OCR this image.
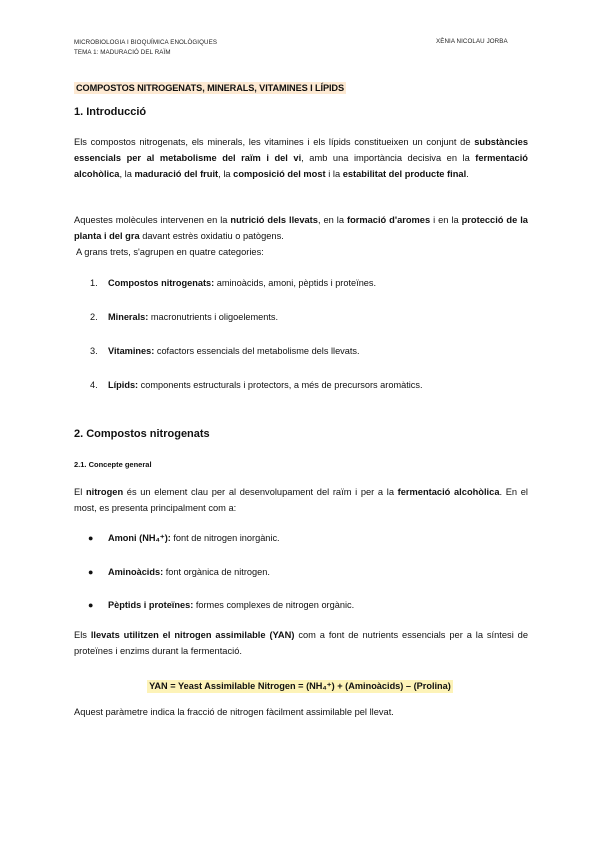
MICROBIOLOGIA I BIOQUÍMICA ENOLÒGIQUES
TEMA 1: MADURACIÓ DEL RAÏM
XÈNIA NICOLAU JORBA
COMPOSTOS NITROGENATS, MINERALS, VITAMINES I LÍPIDS
1. Introducció
Els compostos nitrogenats, els minerals, les vitamines i els lípids constitueixen un conjunt de substàncies essencials per al metabolisme del raïm i del vi, amb una importància decisiva en la fermentació alcohòlica, la maduració del fruit, la composició del most i la estabilitat del producte final.
Aquestes molècules intervenen en la nutrició dels llevats, en la formació d'aromes i en la protecció de la planta i del gra davant estrès oxidatiu o patògens.
A grans trets, s'agrupen en quatre categories:
1. Compostos nitrogenats: aminoàcids, amoni, pèptids i proteïnes.
2. Minerals: macronutrients i oligoelements.
3. Vitamines: cofactors essencials del metabolisme dels llevats.
4. Lípids: components estructurals i protectors, a més de precursors aromàtics.
2. Compostos nitrogenats
2.1. Concepte general
El nitrogen és un element clau per al desenvolupament del raïm i per a la fermentació alcohòlica. En el most, es presenta principalment com a:
● Amoni (NH₄⁺): font de nitrogen inorgànic.
● Aminoàcids: font orgànica de nitrogen.
● Pèptids i proteïnes: formes complexes de nitrogen orgànic.
Els llevats utilitzen el nitrogen assimilable (YAN) com a font de nutrients essencials per a la síntesi de proteïnes i enzims durant la fermentació.
YAN = Yeast Assimilable Nitrogen = (NH₄⁺) + (Aminoàcids) – (Prolina)
Aquest paràmetre indica la fracció de nitrogen fàcilment assimilable pel llevat.
